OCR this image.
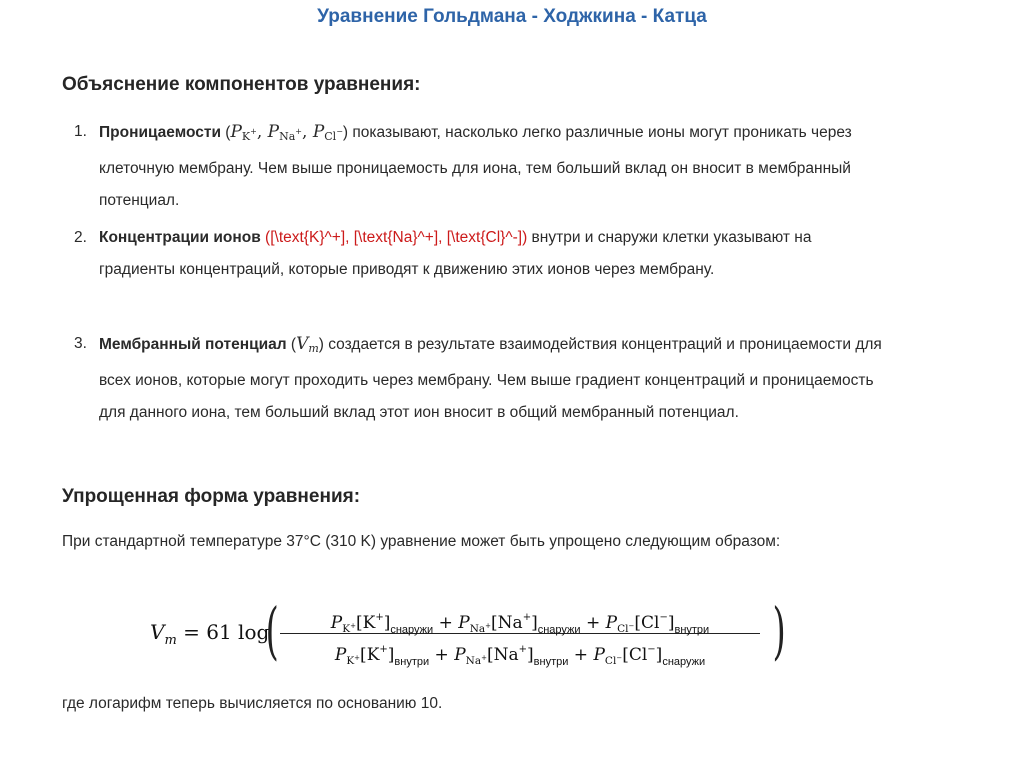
Уравнение Гольдмана - Ходжкина - Катца
Объяснение компонентов уравнения:
1. Проницаемости ($P_{K^+}$, $P_{Na^+}$, $P_{Cl^-}$) показывают, насколько легко различные ионы могут проникать через клеточную мембрану. Чем выше проницаемость для иона, тем больший вклад он вносит в мембранный потенциал.
2. Концентрации ионов ([\text{K}^+], [\text{Na}^+], [\text{Cl}^-]) внутри и снаружи клетки указывают на градиенты концентраций, которые приводят к движению этих ионов через мембрану.
3. Мембранный потенциал $(V_m)$ создается в результате взаимодействия концентраций и проницаемости для всех ионов, которые могут проходить через мембрану. Чем выше градиент концентраций и проницаемость для данного иона, тем больший вклад этот ион вносит в общий мембранный потенциал.
Упрощенная форма уравнения:
При стандартной температуре 37°C (310 K) уравнение может быть упрощено следующим образом:
$V_m = 61$ log
(	$P_{K^+}[K^+]_{снаружи} + P_{Na^+}[Na^+]_{снаружи} + P_{Cl^-}[Cl^-]_{внутри}$
$P_{K^+}[K^+]_{внутри} + P_{Na^+}[Na^+]_{внутри} + P_{Cl^-}[Cl^-]_{снаружи}$	)
где логарифм теперь вычисляется по основанию 10.
